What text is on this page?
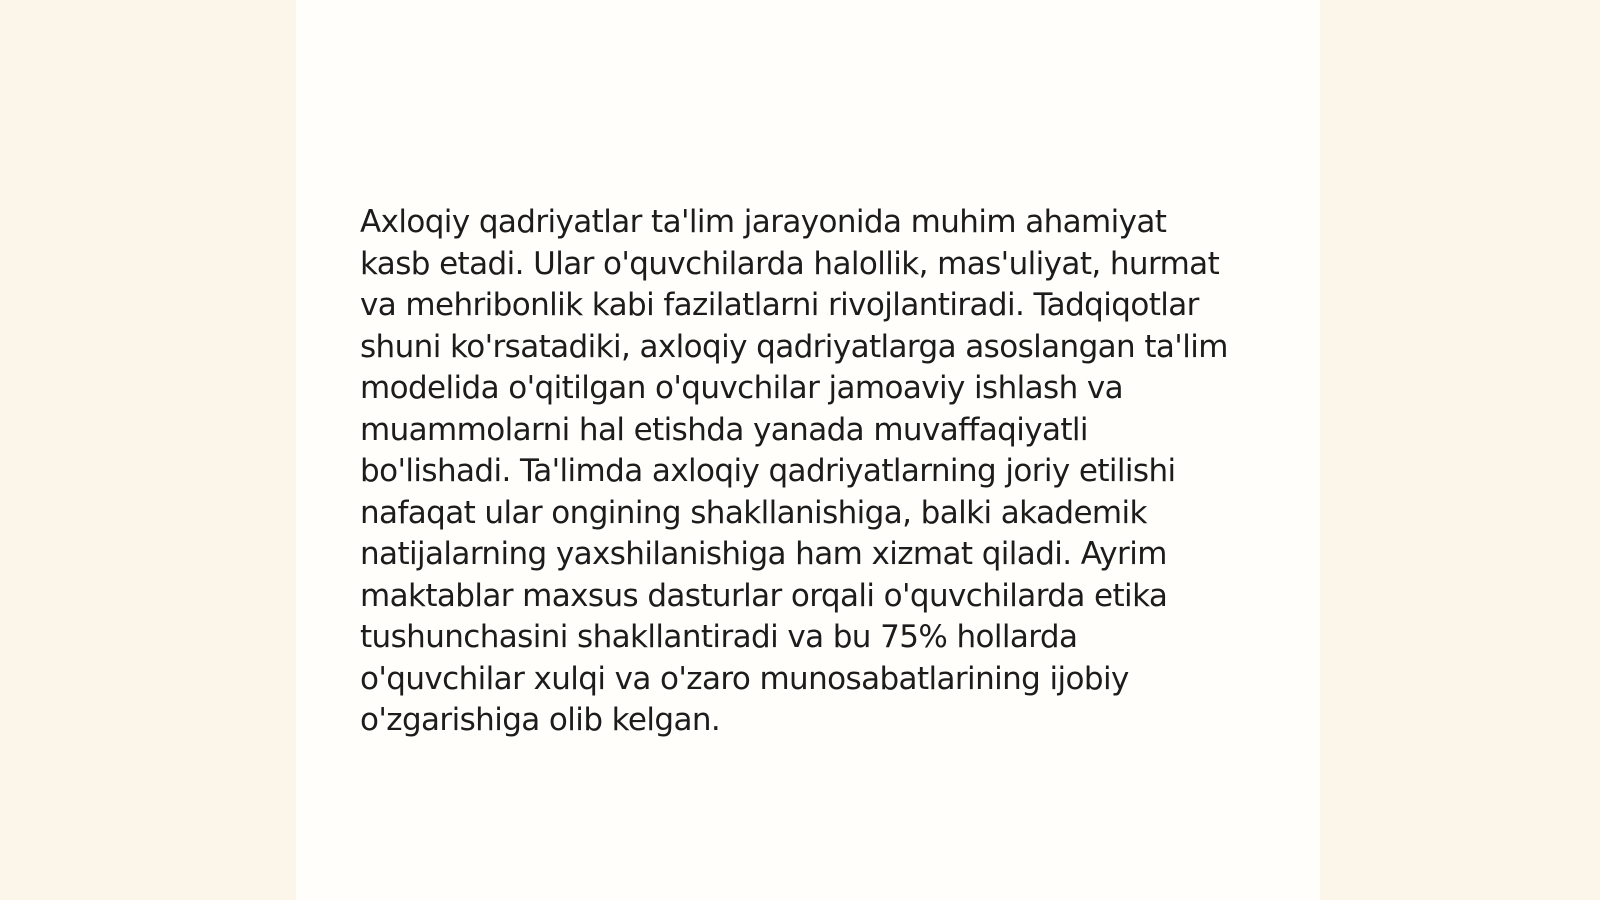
Axloqiy qadriyatlar ta'lim jarayonida muhim ahamiyat kasb etadi. Ular o'quvchilarda halollik, mas'uliyat, hurmat va mehribonlik kabi fazilatlarni rivojlantiradi. Tadqiqotlar shuni ko'rsatadiki, axloqiy qadriyatlarga asoslangan ta'lim modelida o'qitilgan o'quvchilar jamoaviy ishlash va muammolarni hal etishda yanada muvaffaqiyatli bo'lishadi. Ta'limda axloqiy qadriyatlarning joriy etilishi nafaqat ular ongining shakllanishiga, balki akademik natijalarning yaxshilanishiga ham xizmat qiladi. Ayrim maktablar maxsus dasturlar orqali o'quvchilarda etika tushunchasini shakllantiradi va bu 75% hollarda o'quvchilar xulqi va o'zaro munosabatlarining ijobiy o'zgarishiga olib kelgan.
